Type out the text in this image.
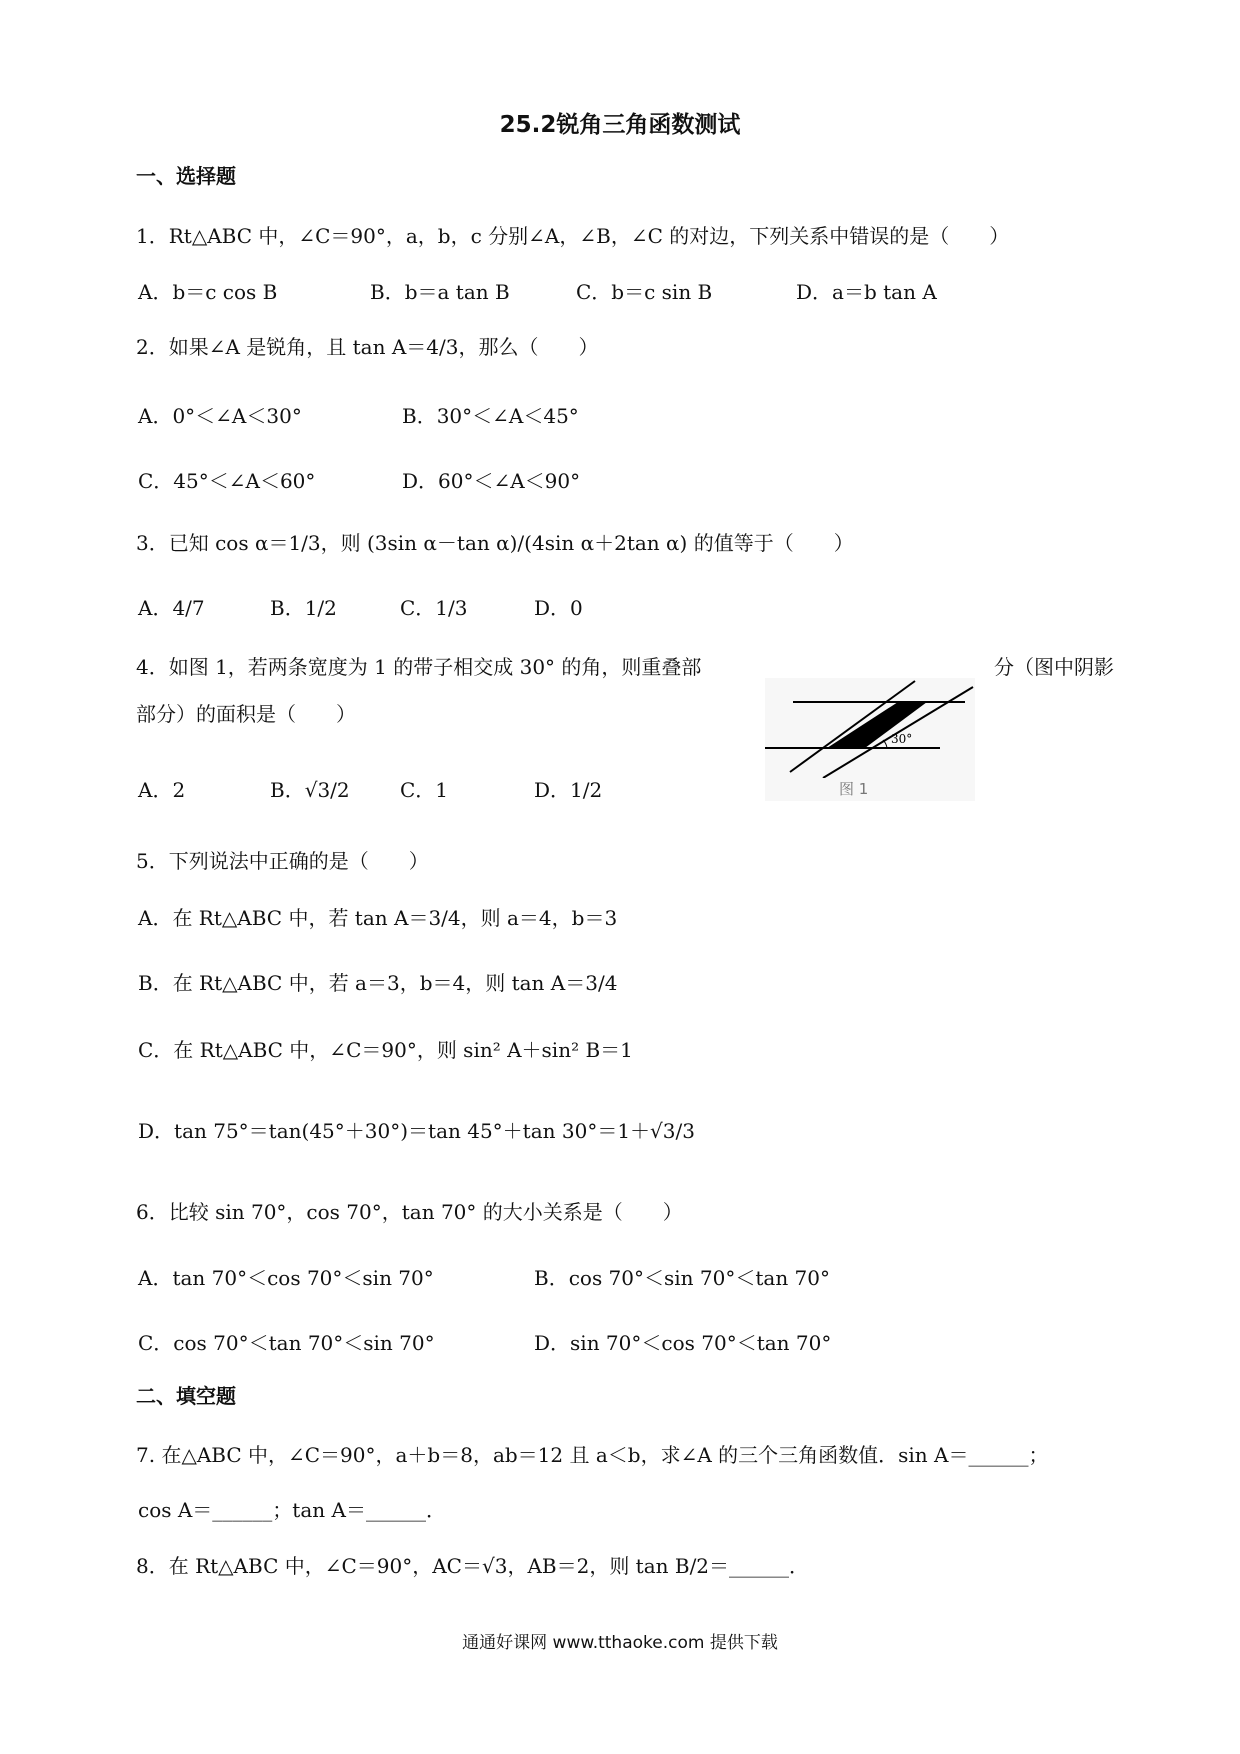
25.2锐角三角函数测试
一、选择题
1．Rt△ABC 中，∠C＝90°，a，b，c 分别∠A，∠B，∠C 的对边，下列关系中错误的是（　　）
A．b＝c cos B	B．b＝a tan B	C．b＝c sin B	D．a＝b tan A
2．如果∠A 是锐角，且 tan A＝4/3，那么（　　）
A．0°＜∠A＜30°	B．30°＜∠A＜45°
C．45°＜∠A＜60°	D．60°＜∠A＜90°
3．已知 cos α＝1/3，则 (3sin α－tan α)/(4sin α＋2tan α) 的值等于（　　）
A．4/7	B．1/2	C．1/3	D．0
4．如图 1，若两条宽度为 1 的带子相交成 30° 的角，则重叠部	分（图中阴影
部分）的面积是（　　）
30°
图 1
A．2	B．√3/2	C．1	D．1/2
5．下列说法中正确的是（　　）
A．在 Rt△ABC 中，若 tan A＝3/4，则 a＝4，b＝3
B．在 Rt△ABC 中，若 a＝3，b＝4，则 tan A＝3/4
C．在 Rt△ABC 中，∠C＝90°，则 sin² A＋sin² B＝1
D．tan 75°＝tan(45°＋30°)＝tan 45°＋tan 30°＝1＋√3/3
6．比较 sin 70°，cos 70°，tan 70° 的大小关系是（　　）
A．tan 70°＜cos 70°＜sin 70°	B．cos 70°＜sin 70°＜tan 70°
C．cos 70°＜tan 70°＜sin 70°	D．sin 70°＜cos 70°＜tan 70°
二、填空题
7. 在△ABC 中，∠C＝90°，a＋b＝8，ab＝12 且 a＜b，求∠A 的三个三角函数值．sin A＝______；
cos A＝______；tan A＝______．
8．在 Rt△ABC 中，∠C＝90°，AC＝√3，AB＝2，则 tan B/2＝______．
通通好课网 www.tthaoke.com 提供下载
